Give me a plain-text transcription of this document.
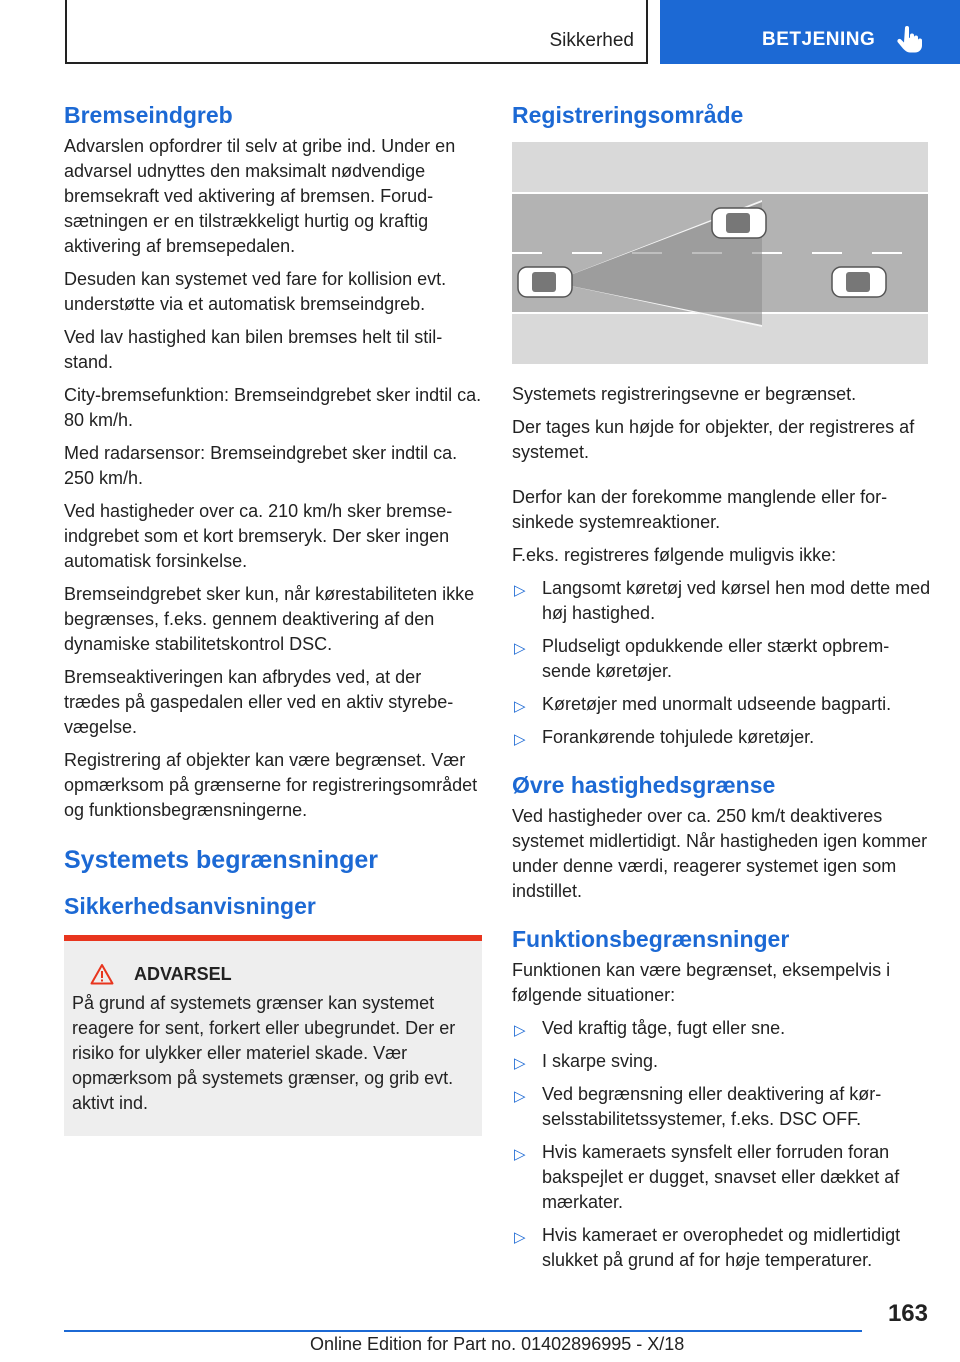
Sikkerhed	BETJENING
Bremseindgreb

Advarslen opfordrer til selv at gribe ind. Under en advarsel udnyttes den maksimalt nødvendige bremsekraft ved aktivering af bremsen. Forudsætningen er en tilstrækkeligt hurtig og kraftig aktivering af bremsepedalen.

Desuden kan systemet ved fare for kollision evt. understøtte via et automatisk bremseindgreb.

Ved lav hastighed kan bilen bremses helt til stilstand.

City-bremsefunktion: Bremseindgrebet sker indtil ca. 80 km/h.

Med radarsensor: Bremseindgrebet sker indtil ca. 250 km/h.

Ved hastigheder over ca. 210 km/h sker bremseindgrebet som et kort bremseryk. Der sker ingen automatisk forsinkelse.

Bremseindgrebet sker kun, når kørestabiliteten ikke begrænses, f.eks. gennem deaktivering af den dynamiske stabilitetskontrol DSC.

Bremseaktiveringen kan afbrydes ved, at der trædes på gaspedalen eller ved en aktiv styrebevægelse.

Registrering af objekter kan være begrænset. Vær opmærksom på grænserne for registreringsområdet og funktionsbegrænsningerne.

Systemets begrænsninger
Sikkerhedsanvisninger
ADVARSEL

På grund af systemets grænser kan systemet reagere for sent, forkert eller ubegrundet. Der er risiko for ulykker eller materiel skade. Vær opmærksom på systemets grænser, og grib evt. aktivt ind.

Registreringsområde

Systemets registreringsevne er begrænset.

Der tages kun højde for objekter, der registreres af systemet.

Derfor kan der forekomme manglende eller forsinkede systemreaktioner.

F.eks. registreres følgende muligvis ikke:

▷ Langsomt køretøj ved kørsel hen mod dette med høj hastighed.
▷ Pludseligt opdukkende eller stærkt opbremsende køretøjer.
▷ Køretøjer med unormalt udseende bagparti.
▷ Forankørende tohjulede køretøjer.
Øvre hastighedsgrænse

Ved hastigheder over ca. 250 km/t deaktiveres systemet midlertidigt. Når hastigheden igen kommer under denne værdi, reagerer systemet igen som indstillet.

Funktionsbegrænsninger

Funktionen kan være begrænset, eksempelvis i følgende situationer:

▷ Ved kraftig tåge, fugt eller sne.
▷ I skarpe sving.
▷ Ved begrænsning eller deaktivering af kørselsstabilitetssystemer, f.eks. DSC OFF.
▷ Hvis kameraets synsfelt eller forruden foran bakspejlet er dugget, snavset eller dækket af mærkater.
▷ Hvis kameraet er overophedet og midlertidigt slukket på grund af for høje temperaturer.
163
Online Edition for Part no. 01402896995 - X/18
